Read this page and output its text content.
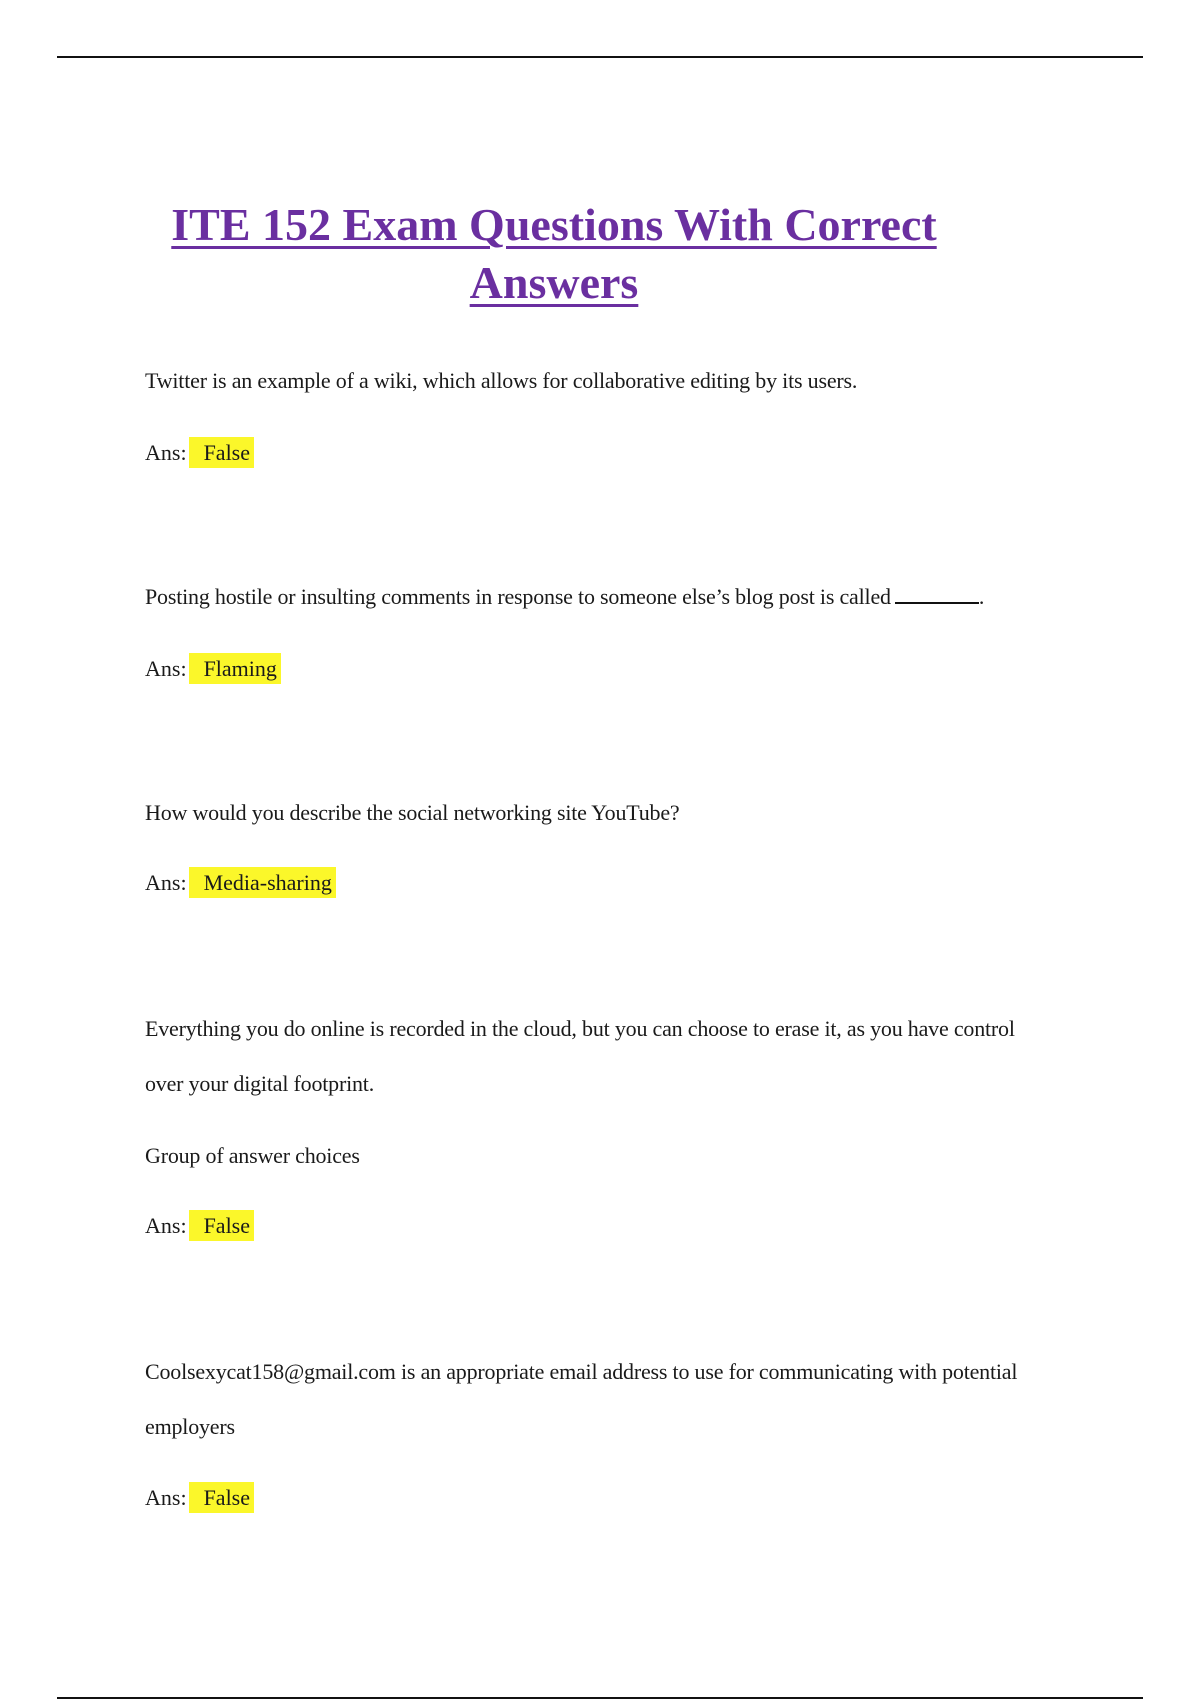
ITE 152 Exam Questions With Correct
Answers

Twitter is an example of a wiki, which allows for collaborative editing by its users.

Ans: False

Posting hostile or insulting comments in response to someone else’s blog post is called	.

Ans: Flaming

How would you describe the social networking site YouTube?

Ans: Media-sharing

Everything you do online is recorded in the cloud, but you can choose to erase it, as you have control over your digital footprint.

Group of answer choices

Ans: False

Coolsexycat158@gmail.com is an appropriate email address to use for communicating with potential employers

Ans: False
